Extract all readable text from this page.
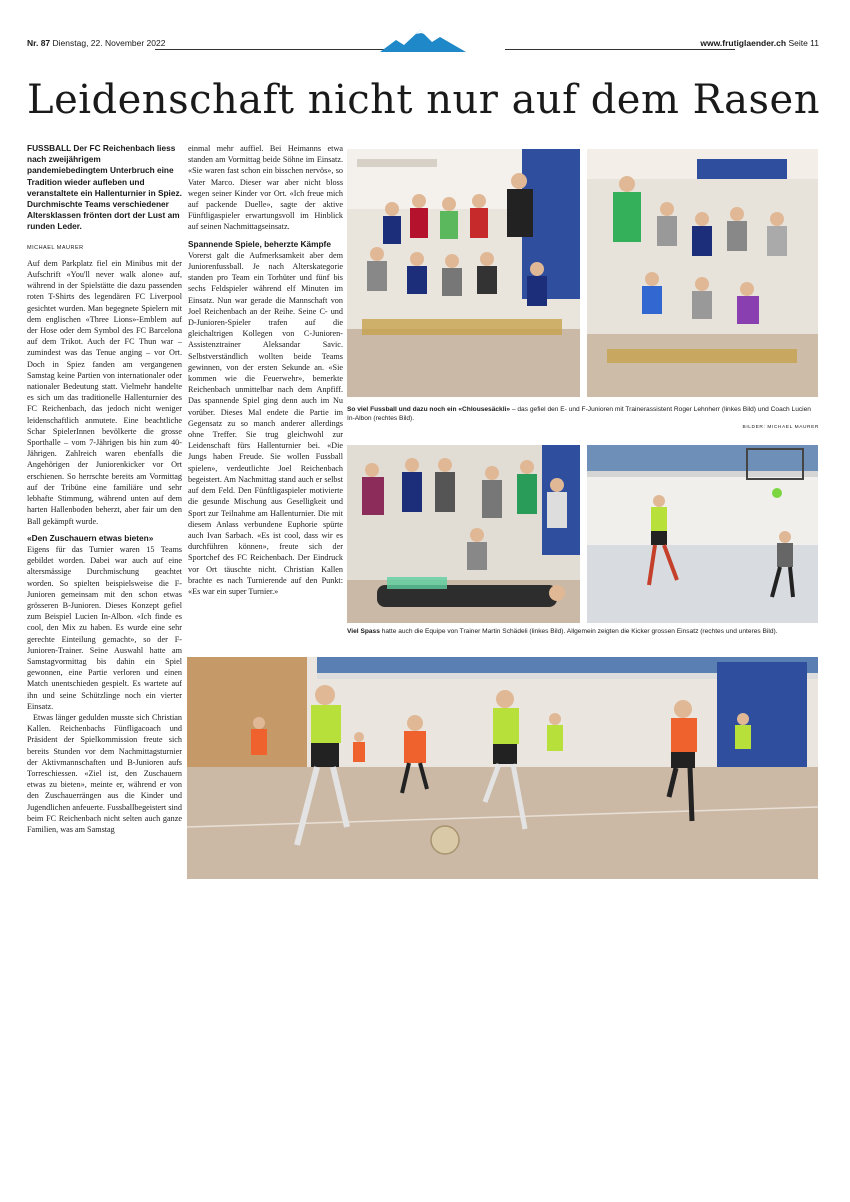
Nr. 87 Dienstag, 22. November 2022	www.frutiglaender.ch Seite 11
Leidenschaft nicht nur auf dem Rasen
FUSSBALL Der FC Reichenbach liess nach zweijährigem pandemiebedingtem Unterbruch eine Tradition wieder aufleben und veranstaltete ein Hallenturnier in Spiez. Durchmischte Teams verschiedener Altersklassen frönten dort der Lust am runden Leder.
MICHAEL MAURER

Auf dem Parkplatz fiel ein Minibus mit der Aufschrift «You'll never walk alone» auf, während in der Spielstätte die dazu passenden roten T-Shirts des legendären FC Liverpool gesichtet wurden. Man begegnete Spielern mit dem englischen «Three Lions»-Emblem auf der Hose oder dem Symbol des FC Barcelona auf dem Trikot. Auch der FC Thun war – zumindest was das Tenue anging – vor Ort. Doch in Spiez fanden am vergangenen Samstag keine Partien von internationaler oder nationaler Bedeutung statt. Vielmehr handelte es sich um das traditionelle Hallenturnier des FC Reichenbach, das jedoch nicht weniger leidenschaftlich anmutete. Eine beachtliche Schar SpielerInnen bevölkerte die grosse Sporthalle – vom 7-Jährigen bis hin zum 40-Jährigen. Zahlreich waren ebenfalls die Angehörigen der Juniorenkicker vor Ort erschienen. So herrschte bereits am Vormittag auf der Tribüne eine familiäre und sehr lebhafte Stimmung, während unten auf dem harten Hallenboden beherzt, aber fair um den Ball gekämpft wurde.

«Den Zuschauern etwas bieten»

Eigens für das Turnier waren 15 Teams gebildet worden. Dabei war auch auf eine altersmässige Durchmischung geachtet worden. So spielten beispielsweise die F-Junioren gemeinsam mit den schon etwas grösseren B-Junioren. Dieses Konzept gefiel zum Beispiel Lucien In-Albon. «Ich finde es cool, den Mix zu haben. Es wurde eine sehr gerechte Einteilung gemacht», so der F-Junioren-Trainer. Seine Auswahl hatte am Samstagvormittag bis dahin ein Spiel gewonnen, eine Partie verloren und einen Match unentschieden gespielt. Es wartete auf ihn und seine Schützlinge noch ein vierter Einsatz.

Etwas länger gedulden musste sich Christian Kallen. Reichenbachs Fünfligacoach und Präsident der Spielkommission freute sich bereits Stunden vor dem Nachmittagsturnier der Aktivmannschaften und B-Junioren aufs Torreschiessen. «Ziel ist, den Zuschauern etwas zu bieten», meinte er, während er von den Zuschauerrängen aus die Kinder und Jugendlichen anfeuerte. Fussballbegeistert sind beim FC Reichenbach nicht selten auch ganze Familien, was am Samstag

einmal mehr auffiel. Bei Heimanns etwa standen am Vormittag beide Söhne im Einsatz. «Sie waren fast schon ein bisschen nervös», so Vater Marco. Dieser war aber nicht bloss wegen seiner Kinder vor Ort. «Ich freue mich auf packende Duelle», sagte der aktive Fünftligaspieler erwartungsvoll im Hinblick auf seinen Nachmittagseinsatz.

Spannende Spiele, beherzte Kämpfe

Vorerst galt die Aufmerksamkeit aber dem Juniorenfussball. Je nach Alterskategorie standen pro Team ein Torhüter und fünf bis sechs Feldspieler während elf Minuten im Einsatz. Nun war gerade die Mannschaft von Joel Reichenbach an der Reihe. Seine C- und D-Junioren-Spieler trafen auf die gleichaltrigen Kollegen von C-Junioren-Assistenztrainer Aleksandar Savic. Selbstverständlich wollten beide Teams gewinnen, von der ersten Sekunde an. «Sie kommen wie die Feuerwehr», bemerkte Reichenbach unmittelbar nach dem Anpfiff. Das spannende Spiel ging denn auch im Nu vorüber. Dieses Mal endete die Partie im Gegensatz zu so manch anderer allerdings ohne Treffer. Sie trug gleichwohl zur Leidenschaft fürs Hallenturnier bei. «Die Jungs haben Freude. Sie wollen Fussball spielen», verdeutlichte Joel Reichenbach begeistert. Am Nachmittag stand auch er selbst auf dem Feld. Den Fünftligaspieler motivierte die gesunde Mischung aus Geselligkeit und Sport zur Teilnahme am Hallenturnier. Die mit diesem Anlass verbundene Euphorie spürte auch Ivan Sarbach. «Es ist cool, dass wir es durchführen können», freute sich der Sportchef des FC Reichenbach. Der Eindruck vor Ort täuschte nicht. Christian Kallen brachte es nach Turnierende auf den Punkt: «Es war ein super Turnier.»

So viel Fussball und dazu noch ein «Chlousesäckli» – das gefiel den E- und F-Junioren mit Trainerassistent Roger Lehnherr (linkes Bild) und Coach Lucien In-Albon (rechtes Bild).
BILDER: MICHAEL MAURER
Viel Spass hatte auch die Equipe von Trainer Martin Schädeli (linkes Bild). Allgemein zeigten die Kicker grossen Einsatz (rechtes und unteres Bild).
